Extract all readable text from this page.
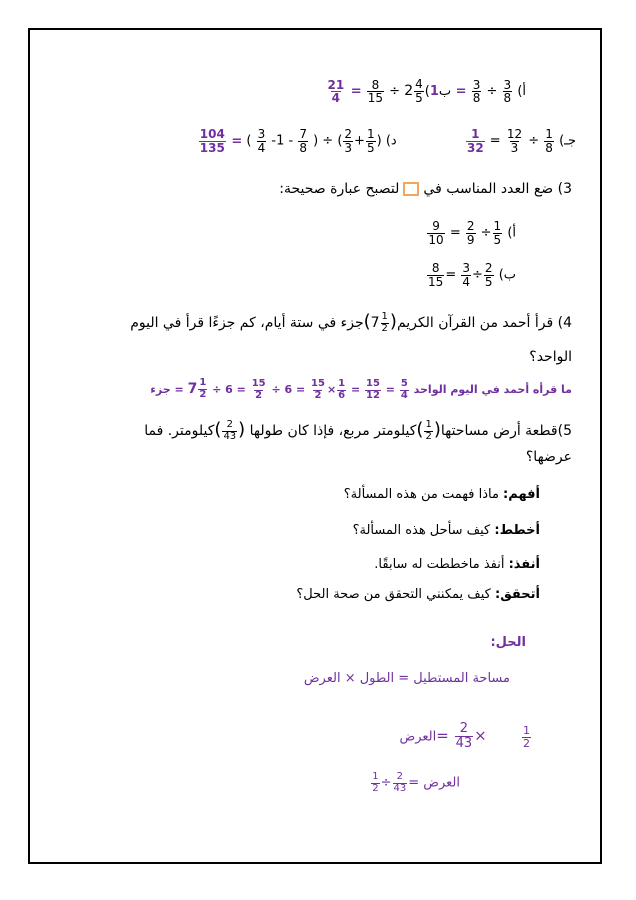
أ)
$\frac{21}{4} = \frac{8}{15} \div 2 \frac{4}{5}$ (ب1 = $\frac{3}{8} \div \frac{3}{8}$
جـ)
$\frac{1}{32} = \frac{12}{3} \div \frac{1}{8}$
د)
$\frac{104}{135}$ = ( $\frac{3}{4} -1 - \frac{7}{8}$ ) ÷ ( $\frac{2}{3} + \frac{1}{5}$ )
3) ضع العدد المناسب فيلتصبح عبارة صحيحة:
أ)
$\frac{9}{10} = \frac{2}{9} \div \frac{1}{5}$
ب)
$\frac{8}{15} = \frac{3}{4} \div \frac{2}{5}$
4) قرأ أحمد من القرآن الكريم( $7 \frac{1}{2}$ )جزء في ستة أيام، كم جزءًا قرأ في اليوم
الواحد؟
ما قرأه أحمد في اليوم الواحد = $7 \frac{1}{2} \div 6 = \frac{15}{2} \div 6 = \frac{15}{2} \times \frac{1}{6} = \frac{15}{12} = \frac{5}{4}$
جزء
5)قطعة أرض مساحتها( $\frac{1}{2}$ )كيلومتر مربع، فإذا كان طولها ( $\frac{2}{43}$ )كيلومتر. فما
عرضها؟
أفهم: ماذا فهمت من هذه المسألة؟
أخطط: كيف سأحل هذه المسألة؟
أنفذ: أنفذ ماخططت له سابقًا.
أتحقق: كيف يمكنني التحقق من صحة الحل؟
الحل:
مساحة المستطيل = الطول × العرض
$\frac{1}{2}$
= $\frac{2}{43}$ ×العرض
العرض =
$\frac{1}{2} \div \frac{2}{43}$
